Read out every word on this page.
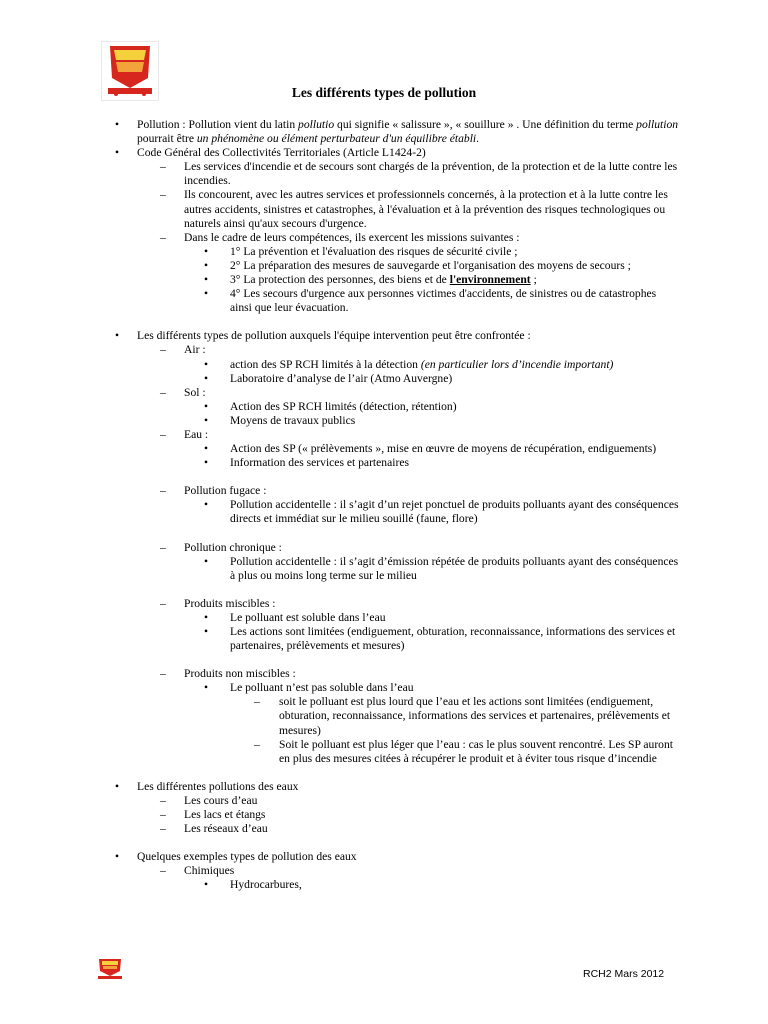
Les différents types de pollution
• Pollution : Pollution vient du latin pollutio qui signifie « salissure », « souillure » . Une définition du terme pollution pourrait être un phénomène ou élément perturbateur d'un équilibre établi.
• Code Général des Collectivités Territoriales (Article L1424-2)
– Les services d'incendie et de secours sont chargés de la prévention, de la protection et de la lutte contre les incendies.
– Ils concourent, avec les autres services et professionnels concernés, à la protection et à la lutte contre les autres accidents, sinistres et catastrophes, à l'évaluation et à la prévention des risques technologiques ou naturels ainsi qu'aux secours d'urgence.
– Dans le cadre de leurs compétences, ils exercent les missions suivantes :
• 1° La prévention et l'évaluation des risques de sécurité civile ;
• 2° La préparation des mesures de sauvegarde et l'organisation des moyens de secours ;
• 3° La protection des personnes, des biens et de l'environnement ;
• 4° Les secours d'urgence aux personnes victimes d'accidents, de sinistres ou de catastrophes ainsi que leur évacuation.
• Les différents types de pollution auxquels l'équipe intervention peut être confrontée :
– Air :
• action des SP RCH limités à la détection (en particulier lors d’incendie important)
• Laboratoire d’analyse de l’air (Atmo Auvergne)
– Sol :
• Action des SP RCH limités (détection, rétention)
• Moyens de travaux publics
– Eau :
• Action des SP (« prélèvements », mise en œuvre de moyens de récupération, endiguements)
• Information des services et partenaires
– Pollution fugace :
• Pollution accidentelle : il s’agit d’un rejet ponctuel de produits polluants ayant des conséquences directs et immédiat sur le milieu souillé (faune, flore)
– Pollution chronique :
• Pollution accidentelle : il s’agit d’émission répétée de produits polluants ayant des conséquences à plus ou moins long terme sur le milieu
– Produits miscibles :
• Le polluant est soluble dans l’eau
• Les actions sont limitées (endiguement, obturation, reconnaissance, informations des services et partenaires, prélèvements et mesures)
– Produits non miscibles :
• Le polluant n’est pas soluble dans l’eau
– soit le polluant est plus lourd que l’eau et les actions sont limitées (endiguement, obturation, reconnaissance, informations des services et partenaires, prélèvements et mesures)
– Soit le polluant est plus léger que l’eau : cas le plus souvent rencontré. Les SP auront en plus des mesures citées à récupérer le produit et à éviter tous risque d’incendie
• Les différentes pollutions des eaux
– Les cours d’eau
– Les lacs et étangs
– Les réseaux d’eau
• Quelques exemples types de pollution des eaux
– Chimiques
• Hydrocarbures,
RCH2 Mars 2012
